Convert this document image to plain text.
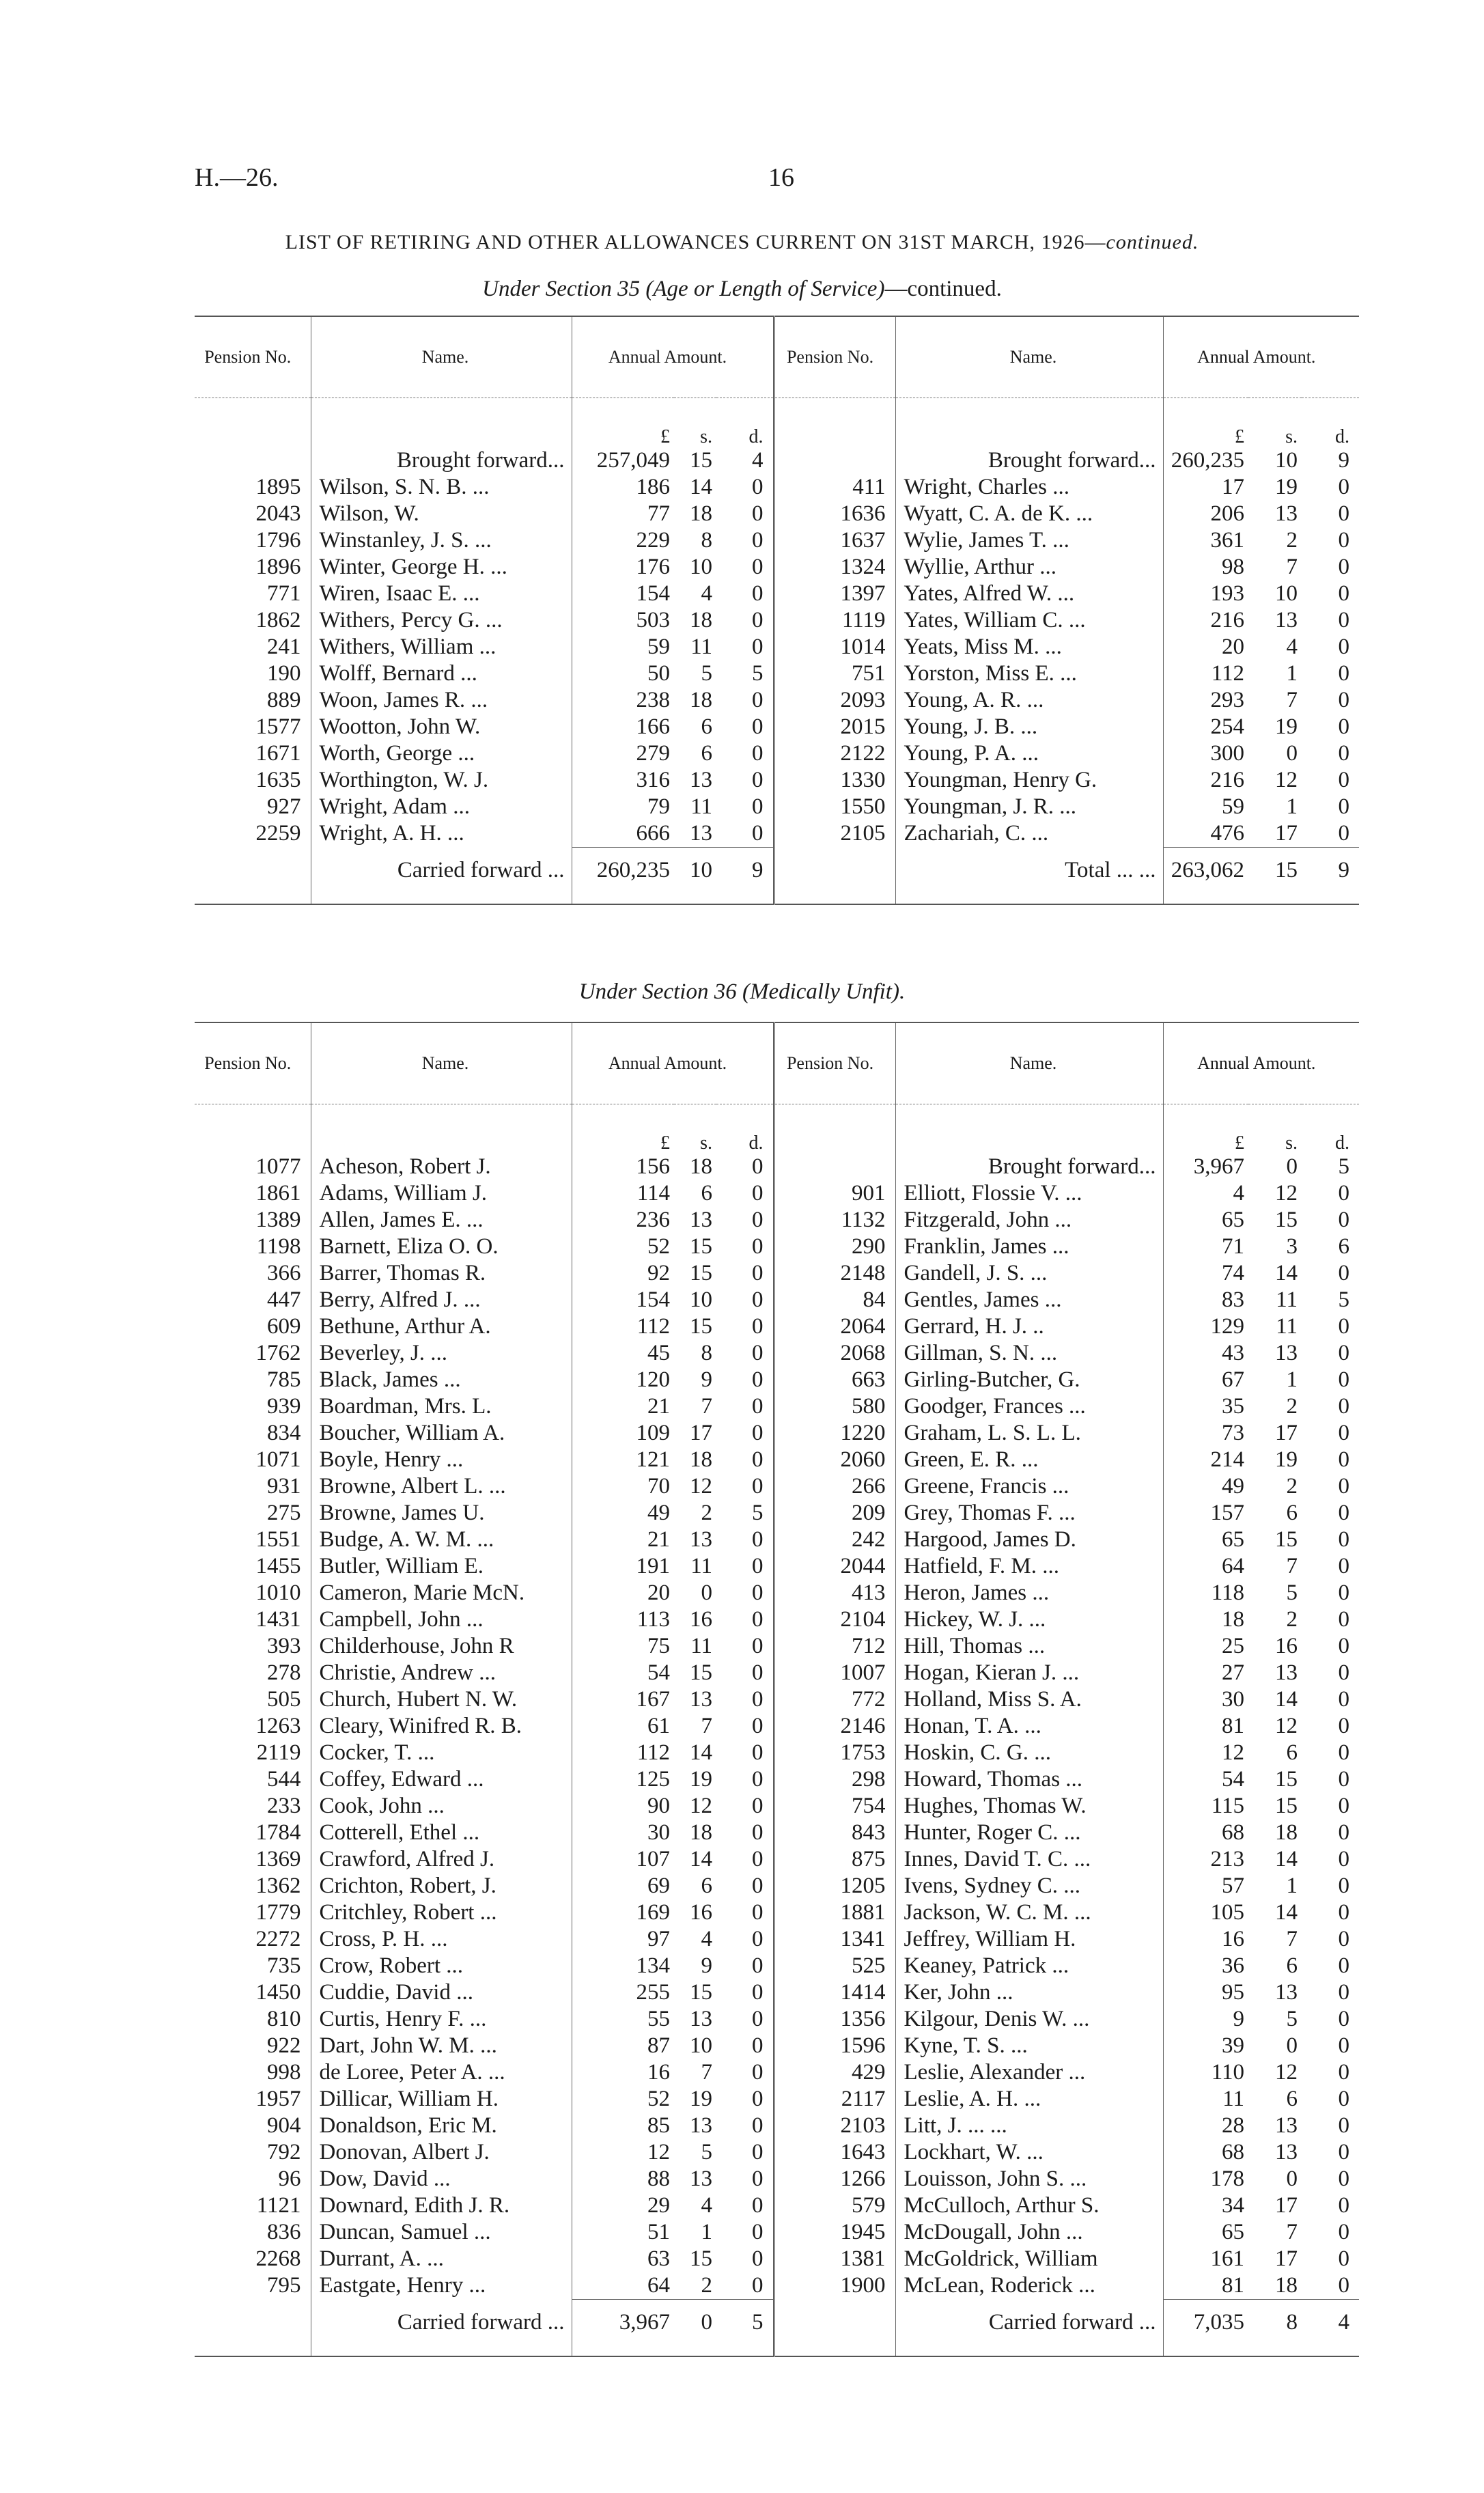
H.—26.	16
LIST OF RETIRING AND OTHER ALLOWANCES CURRENT ON 31ST MARCH, 1926—continued.
Under Section 35 (Age or Length of Service)—continued.
Pension No.	Name.	Annual Amount.			Pension No.	Name.	Annual Amount.		
		£	s.	d.			£	s.	d.
	Brought forward...	257,049	15	4		Brought forward...	260,235	10	9
1895	Wilson, S. N. B. ...	186	14	0	411	Wright, Charles ...	17	19	0
2043	Wilson, W.	77	18	0	1636	Wyatt, C. A. de K. ...	206	13	0
1796	Winstanley, J. S. ...	229	8	0	1637	Wylie, James T. ...	361	2	0
1896	Winter, George H. ...	176	10	0	1324	Wyllie, Arthur ...	98	7	0
771	Wiren, Isaac E. ...	154	4	0	1397	Yates, Alfred W. ...	193	10	0
1862	Withers, Percy G. ...	503	18	0	1119	Yates, William C. ...	216	13	0
241	Withers, William ...	59	11	0	1014	Yeats, Miss M. ...	20	4	0
190	Wolff, Bernard ...	50	5	5	751	Yorston, Miss E. ...	112	1	0
889	Woon, James R. ...	238	18	0	2093	Young, A. R. ...	293	7	0
1577	Wootton, John W.	166	6	0	2015	Young, J. B. ...	254	19	0
1671	Worth, George ...	279	6	0	2122	Young, P. A. ...	300	0	0
1635	Worthington, W. J.	316	13	0	1330	Youngman, Henry G.	216	12	0
927	Wright, Adam ...	79	11	0	1550	Youngman, J. R. ...	59	1	0
2259	Wright, A. H. ...	666	13	0	2105	Zachariah, C. ...	476	17	0
	Carried forward ...	260,235	10	9		Total ... ...	263,062	15	9

Under Section 36 (Medically Unfit).
Pension No.	Name.	Annual Amount.			Pension No.	Name.	Annual Amount.		
		£	s.	d.			£	s.	d.
1077	Acheson, Robert J.	156	18	0		Brought forward...	3,967	0	5
1861	Adams, William J.	114	6	0	901	Elliott, Flossie V. ...	4	12	0
1389	Allen, James E. ...	236	13	0	1132	Fitzgerald, John ...	65	15	0
1198	Barnett, Eliza O. O.	52	15	0	290	Franklin, James ...	71	3	6
366	Barrer, Thomas R.	92	15	0	2148	Gandell, J. S. ...	74	14	0
447	Berry, Alfred J. ...	154	10	0	84	Gentles, James ...	83	11	5
609	Bethune, Arthur A.	112	15	0	2064	Gerrard, H. J. ..	129	11	0
1762	Beverley, J. ...	45	8	0	2068	Gillman, S. N. ...	43	13	0
785	Black, James ...	120	9	0	663	Girling-Butcher, G.	67	1	0
939	Boardman, Mrs. L.	21	7	0	580	Goodger, Frances ...	35	2	0
834	Boucher, William A.	109	17	0	1220	Graham, L. S. L. L.	73	17	0
1071	Boyle, Henry ...	121	18	0	2060	Green, E. R. ...	214	19	0
931	Browne, Albert L. ...	70	12	0	266	Greene, Francis ...	49	2	0
275	Browne, James U.	49	2	5	209	Grey, Thomas F. ...	157	6	0
1551	Budge, A. W. M. ...	21	13	0	242	Hargood, James D.	65	15	0
1455	Butler, William E.	191	11	0	2044	Hatfield, F. M. ...	64	7	0
1010	Cameron, Marie McN.	20	0	0	413	Heron, James ...	118	5	0
1431	Campbell, John ...	113	16	0	2104	Hickey, W. J. ...	18	2	0
393	Childerhouse, John R	75	11	0	712	Hill, Thomas ...	25	16	0
278	Christie, Andrew ...	54	15	0	1007	Hogan, Kieran J. ...	27	13	0
505	Church, Hubert N. W.	167	13	0	772	Holland, Miss S. A.	30	14	0
1263	Cleary, Winifred R. B.	61	7	0	2146	Honan, T. A. ...	81	12	0
2119	Cocker, T. ...	112	14	0	1753	Hoskin, C. G. ...	12	6	0
544	Coffey, Edward ...	125	19	0	298	Howard, Thomas ...	54	15	0
233	Cook, John ...	90	12	0	754	Hughes, Thomas W.	115	15	0
1784	Cotterell, Ethel ...	30	18	0	843	Hunter, Roger C. ...	68	18	0
1369	Crawford, Alfred J.	107	14	0	875	Innes, David T. C. ...	213	14	0
1362	Crichton, Robert, J.	69	6	0	1205	Ivens, Sydney C. ...	57	1	0
1779	Critchley, Robert ...	169	16	0	1881	Jackson, W. C. M. ...	105	14	0
2272	Cross, P. H. ...	97	4	0	1341	Jeffrey, William H.	16	7	0
735	Crow, Robert ...	134	9	0	525	Keaney, Patrick ...	36	6	0
1450	Cuddie, David ...	255	15	0	1414	Ker, John ...	95	13	0
810	Curtis, Henry F. ...	55	13	0	1356	Kilgour, Denis W. ...	9	5	0
922	Dart, John W. M. ...	87	10	0	1596	Kyne, T. S. ...	39	0	0
998	de Loree, Peter A. ...	16	7	0	429	Leslie, Alexander ...	110	12	0
1957	Dillicar, William H.	52	19	0	2117	Leslie, A. H. ...	11	6	0
904	Donaldson, Eric M.	85	13	0	2103	Litt, J. ... ...	28	13	0
792	Donovan, Albert J.	12	5	0	1643	Lockhart, W. ...	68	13	0
96	Dow, David ...	88	13	0	1266	Louisson, John S. ...	178	0	0
1121	Downard, Edith J. R.	29	4	0	579	McCulloch, Arthur S.	34	17	0
836	Duncan, Samuel ...	51	1	0	1945	McDougall, John ...	65	7	0
2268	Durrant, A. ...	63	15	0	1381	McGoldrick, William	161	17	0
795	Eastgate, Henry ...	64	2	0	1900	McLean, Roderick ...	81	18	0
	Carried forward ...	3,967	0	5		Carried forward ...	7,035	8	4
